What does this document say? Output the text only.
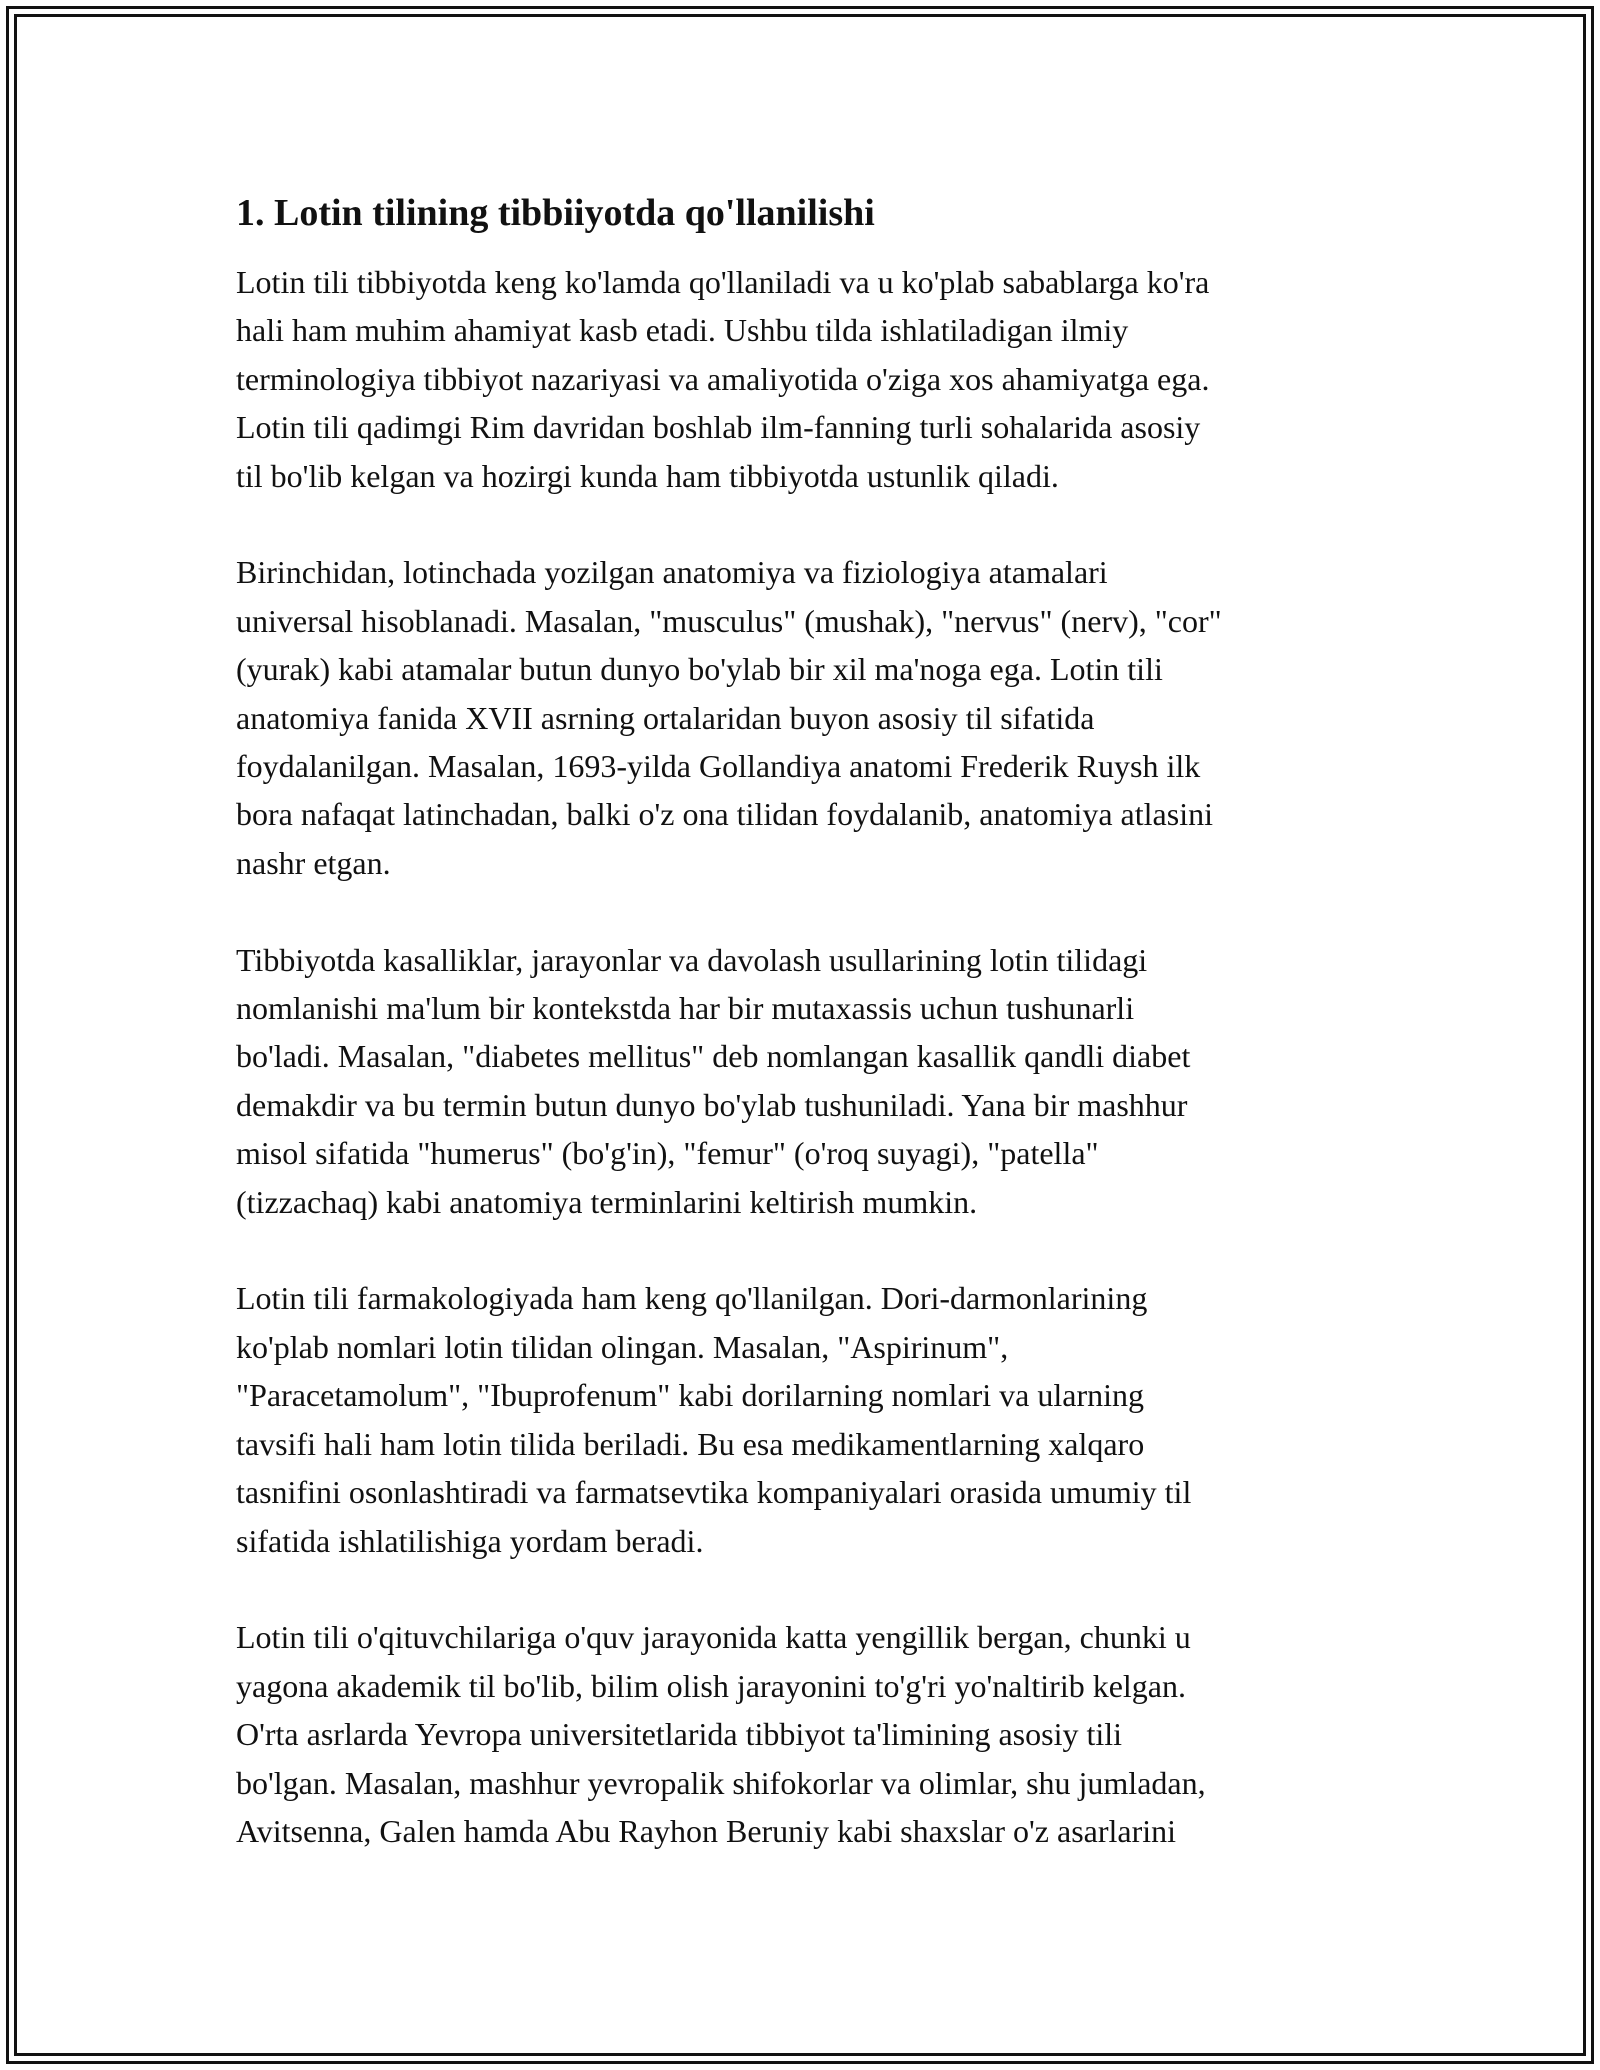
1. Lotin tilining tibbiiyotda qo'llanilishi

Lotin tili tibbiyotda keng ko'lamda qo'llaniladi va u ko'plab sabablarga ko'ra
hali ham muhim ahamiyat kasb etadi. Ushbu tilda ishlatiladigan ilmiy
terminologiya tibbiyot nazariyasi va amaliyotida o'ziga xos ahamiyatga ega.
Lotin tili qadimgi Rim davridan boshlab ilm-fanning turli sohalarida asosiy
til bo'lib kelgan va hozirgi kunda ham tibbiyotda ustunlik qiladi.

Birinchidan, lotinchada yozilgan anatomiya va fiziologiya atamalari
universal hisoblanadi. Masalan, "musculus" (mushak), "nervus" (nerv), "cor"
(yurak) kabi atamalar butun dunyo bo'ylab bir xil ma'noga ega. Lotin tili
anatomiya fanida XVII asrning ortalaridan buyon asosiy til sifatida
foydalanilgan. Masalan, 1693-yilda Gollandiya anatomi Frederik Ruysh ilk
bora nafaqat latinchadan, balki o'z ona tilidan foydalanib, anatomiya atlasini
nashr etgan.

Tibbiyotda kasalliklar, jarayonlar va davolash usullarining lotin tilidagi
nomlanishi ma'lum bir kontekstda har bir mutaxassis uchun tushunarli
bo'ladi. Masalan, "diabetes mellitus" deb nomlangan kasallik qandli diabet
demakdir va bu termin butun dunyo bo'ylab tushuniladi. Yana bir mashhur
misol sifatida "humerus" (bo'g'in), "femur" (o'roq suyagi), "patella"
(tizzachaq) kabi anatomiya terminlarini keltirish mumkin.

Lotin tili farmakologiyada ham keng qo'llanilgan. Dori-darmonlarining
ko'plab nomlari lotin tilidan olingan. Masalan, "Aspirinum",
"Paracetamolum", "Ibuprofenum" kabi dorilarning nomlari va ularning
tavsifi hali ham lotin tilida beriladi. Bu esa medikamentlarning xalqaro
tasnifini osonlashtiradi va farmatsevtika kompaniyalari orasida umumiy til
sifatida ishlatilishiga yordam beradi.

Lotin tili o'qituvchilariga o'quv jarayonida katta yengillik bergan, chunki u
yagona akademik til bo'lib, bilim olish jarayonini to'g'ri yo'naltirib kelgan.
O'rta asrlarda Yevropa universitetlarida tibbiyot ta'limining asosiy tili
bo'lgan. Masalan, mashhur yevropalik shifokorlar va olimlar, shu jumladan,
Avitsenna, Galen hamda Abu Rayhon Beruniy kabi shaxslar o'z asarlarini
